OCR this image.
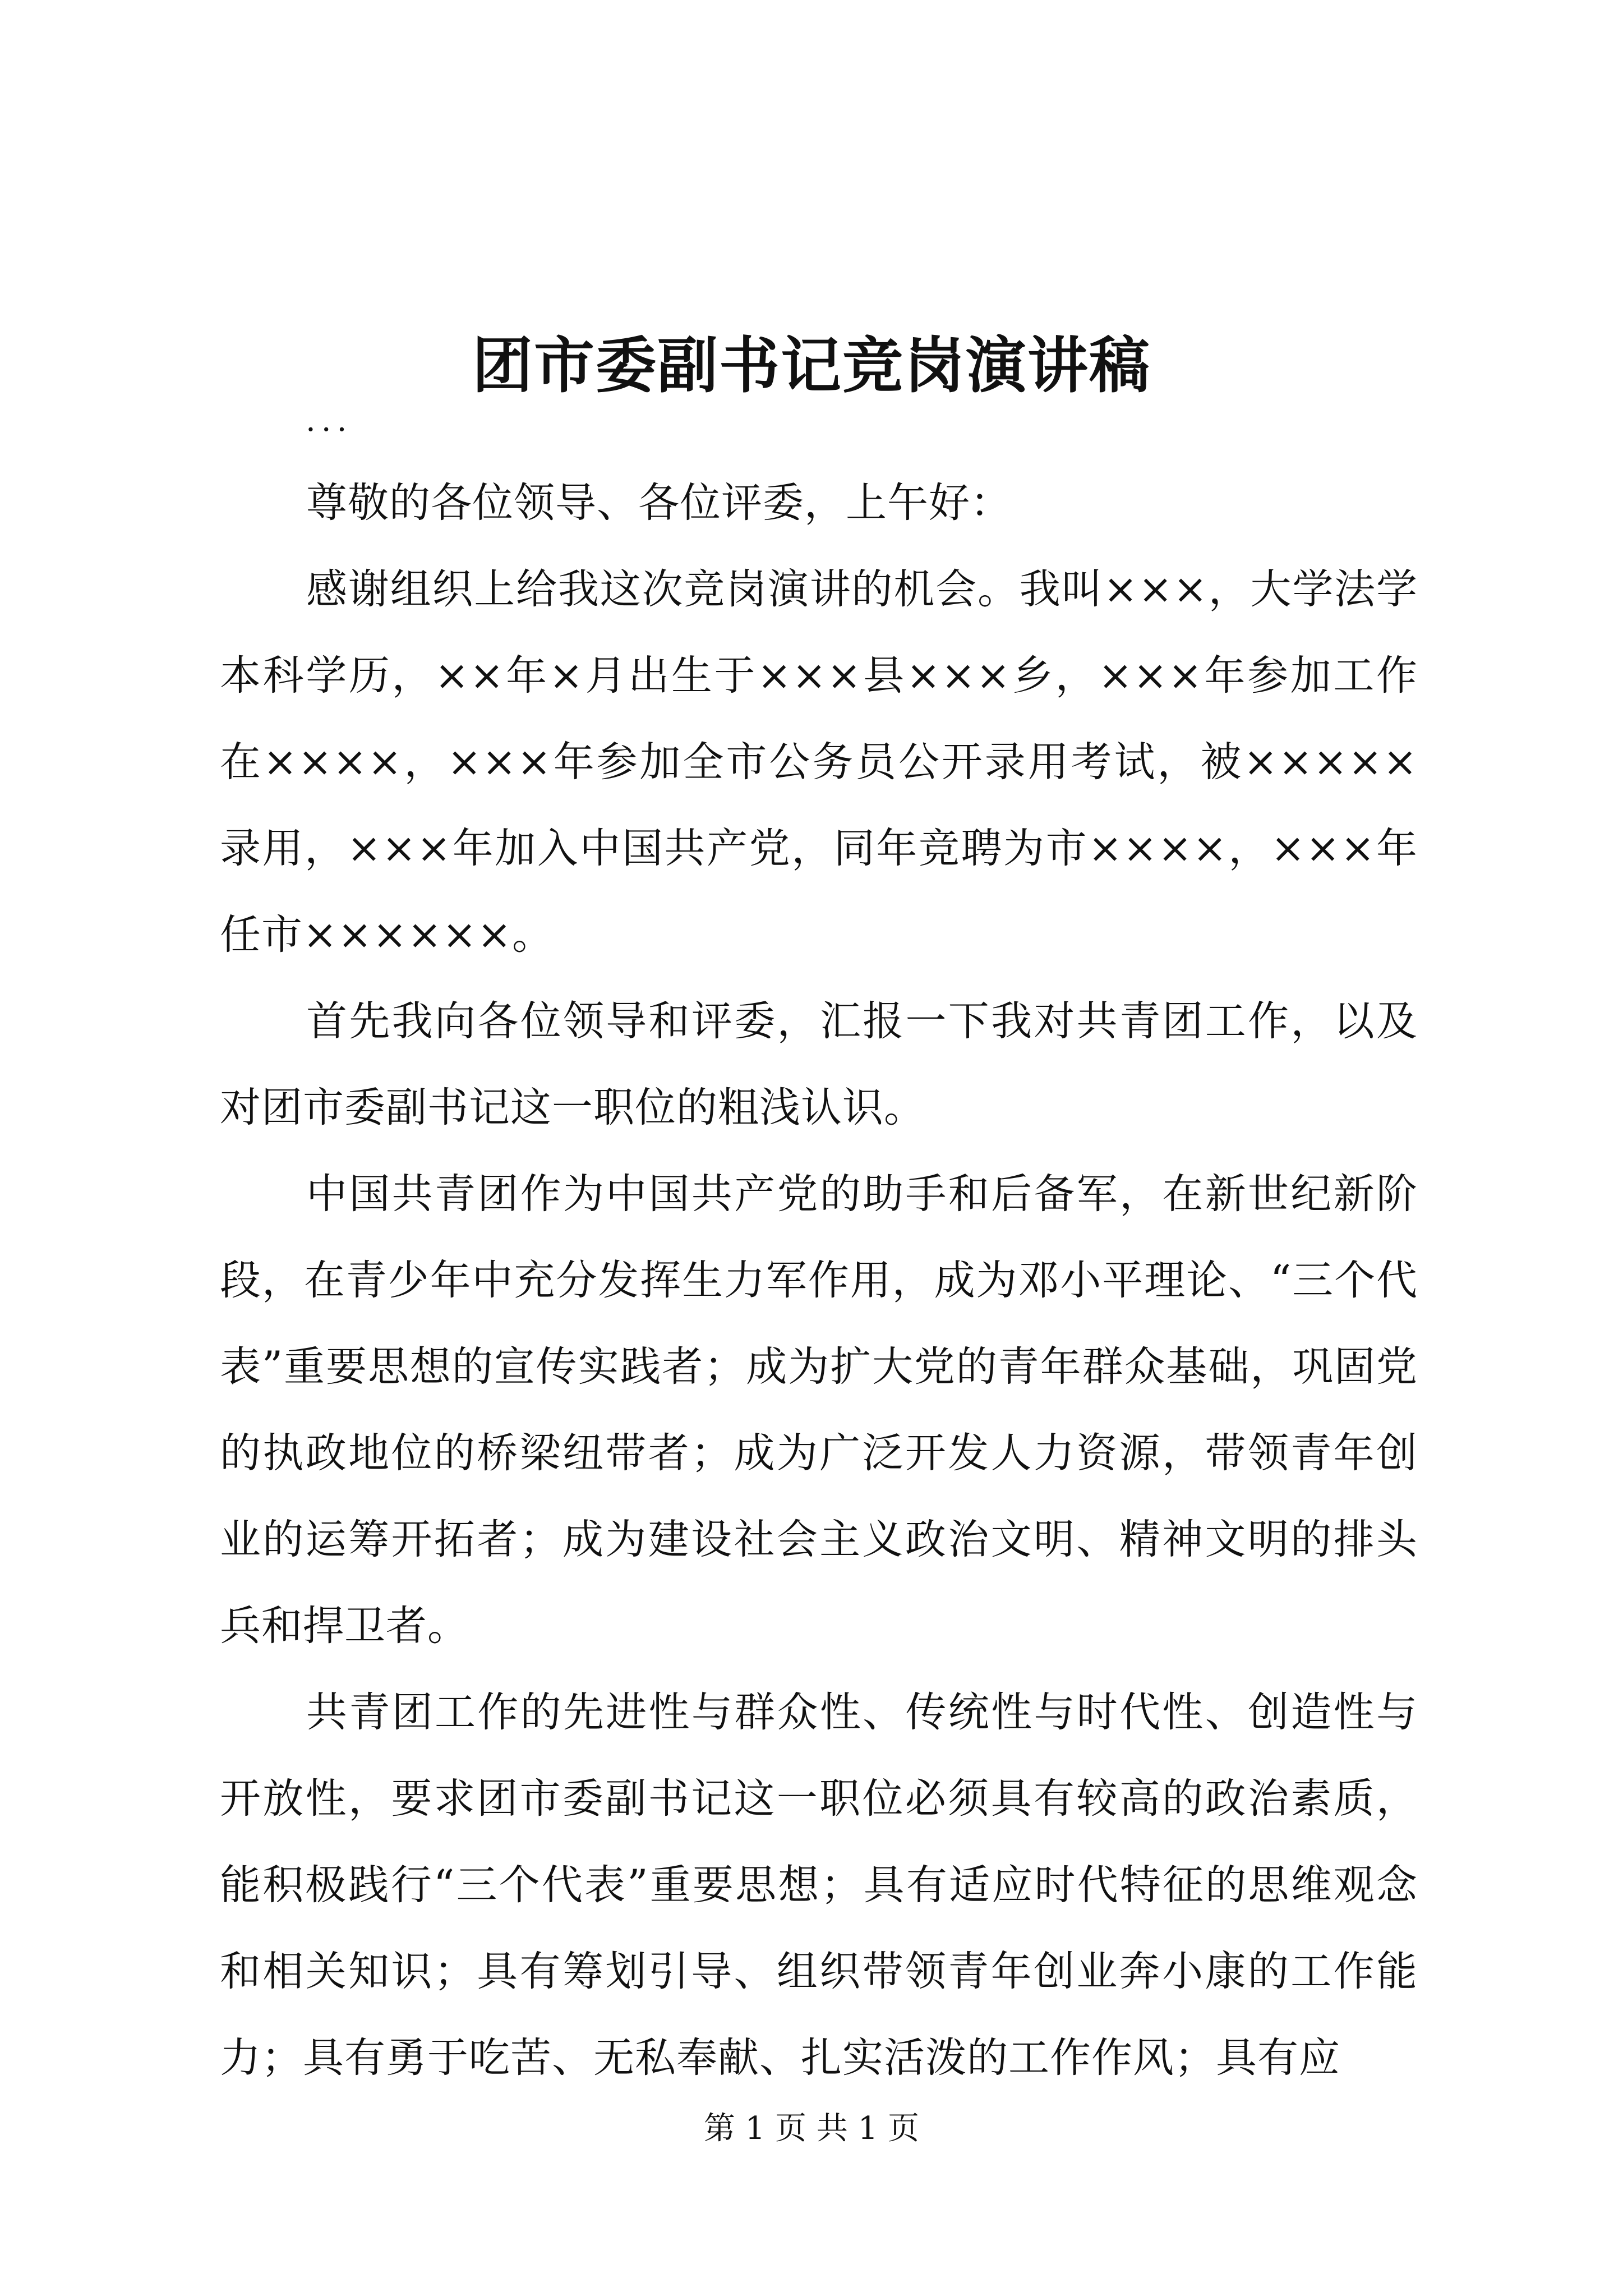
团市委副书记竞岗演讲稿
...

尊敬的各位领导、各位评委，上午好：

感谢组织上给我这次竞岗演讲的机会。我叫×××，大学法学本科学历，××年×月出生于×××县×××乡，×××年参加工作在××××，×××年参加全市公务员公开录用考试，被×××××录用，×××年加入中国共产党，同年竞聘为市××××，×××年任市××××××。

首先我向各位领导和评委，汇报一下我对共青团工作，以及对团市委副书记这一职位的粗浅认识。

中国共青团作为中国共产党的助手和后备军，在新世纪新阶段，在青少年中充分发挥生力军作用，成为邓小平理论、“三个代表”重要思想的宣传实践者；成为扩大党的青年群众基础，巩固党的执政地位的桥梁纽带者；成为广泛开发人力资源，带领青年创业的运筹开拓者；成为建设社会主义政治文明、精神文明的排头兵和捍卫者。

共青团工作的先进性与群众性、传统性与时代性、创造性与开放性，要求团市委副书记这一职位必须具有较高的政治素质，能积极践行“三个代表”重要思想；具有适应时代特征的思维观念和相关知识；具有筹划引导、组织带领青年创业奔小康的工作能力；具有勇于吃苦、无私奉献、扎实活泼的工作作风；具有应

第 1 页 共 1 页
